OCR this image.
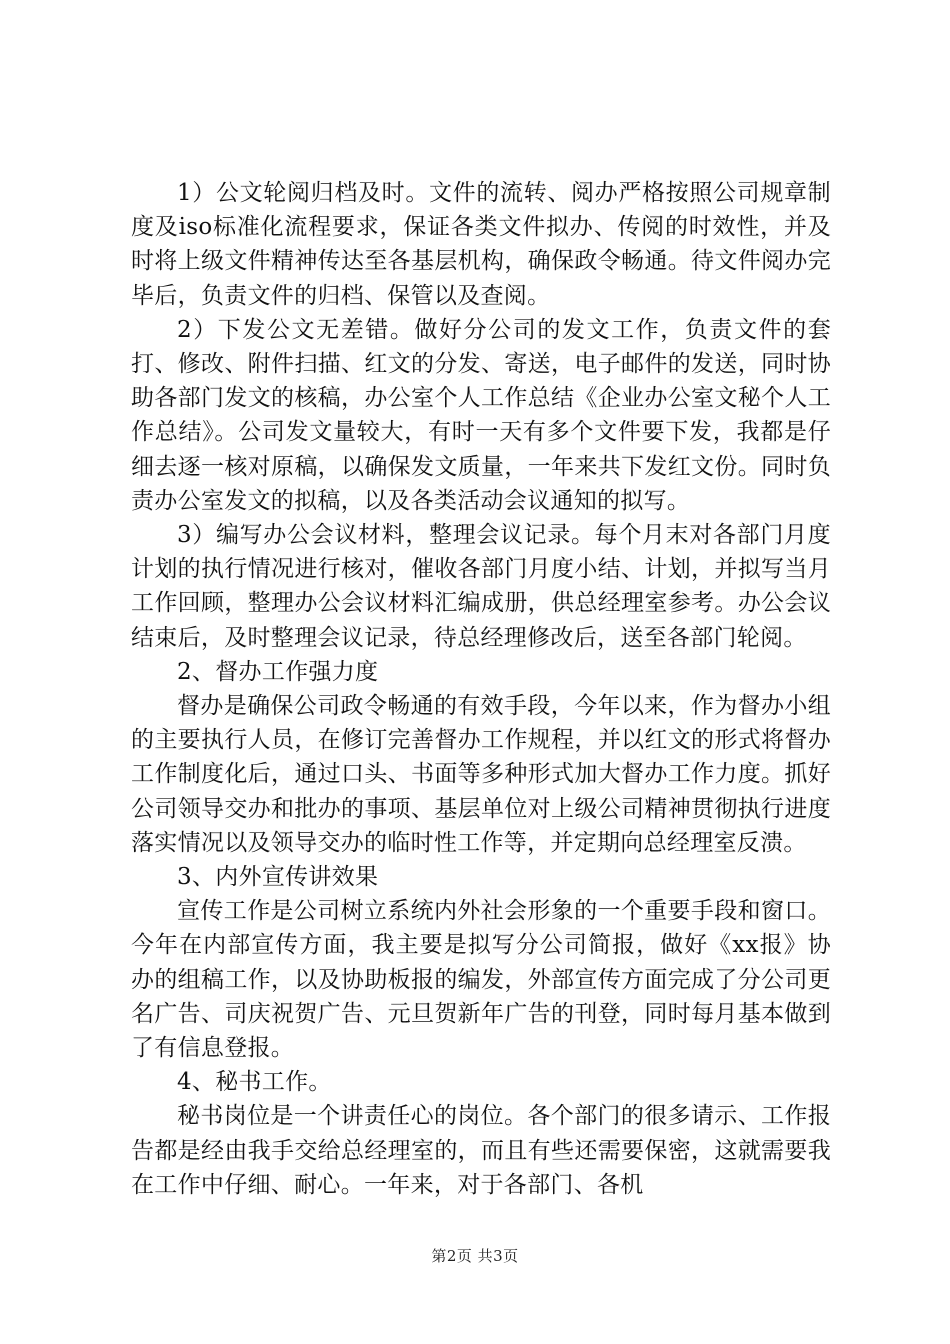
1）公文轮阅归档及时。文件的流转、阅办严格按照公司规章制度及iso标准化流程要求，保证各类文件拟办、传阅的时效性，并及时将上级文件精神传达至各基层机构，确保政令畅通。待文件阅办完毕后，负责文件的归档、保管以及查阅。

2）下发公文无差错。做好分公司的发文工作，负责文件的套打、修改、附件扫描、红文的分发、寄送，电子邮件的发送，同时协助各部门发文的核稿，办公室个人工作总结《企业办公室文秘个人工作总结》。公司发文量较大，有时一天有多个文件要下发，我都是仔细去逐一核对原稿，以确保发文质量，一年来共下发红文份。同时负责办公室发文的拟稿，以及各类活动会议通知的拟写。

3）编写办公会议材料，整理会议记录。每个月末对各部门月度计划的执行情况进行核对，催收各部门月度小结、计划，并拟写当月工作回顾，整理办公会议材料汇编成册，供总经理室参考。办公会议结束后，及时整理会议记录，待总经理修改后，送至各部门轮阅。

2、督办工作强力度

督办是确保公司政令畅通的有效手段，今年以来，作为督办小组的主要执行人员，在修订完善督办工作规程，并以红文的形式将督办工作制度化后，通过口头、书面等多种形式加大督办工作力度。抓好公司领导交办和批办的事项、基层单位对上级公司精神贯彻执行进度落实情况以及领导交办的临时性工作等，并定期向总经理室反溃。

3、内外宣传讲效果

宣传工作是公司树立系统内外社会形象的一个重要手段和窗口。今年在内部宣传方面，我主要是拟写分公司简报，做好《xx报》协办的组稿工作，以及协助板报的编发，外部宣传方面完成了分公司更名广告、司庆祝贺广告、元旦贺新年广告的刊登，同时每月基本做到了有信息登报。

4、秘书工作。

秘书岗位是一个讲责任心的岗位。各个部门的很多请示、工作报告都是经由我手交给总经理室的，而且有些还需要保密，这就需要我在工作中仔细、耐心。一年来，对于各部门、各机

第2页 共3页
